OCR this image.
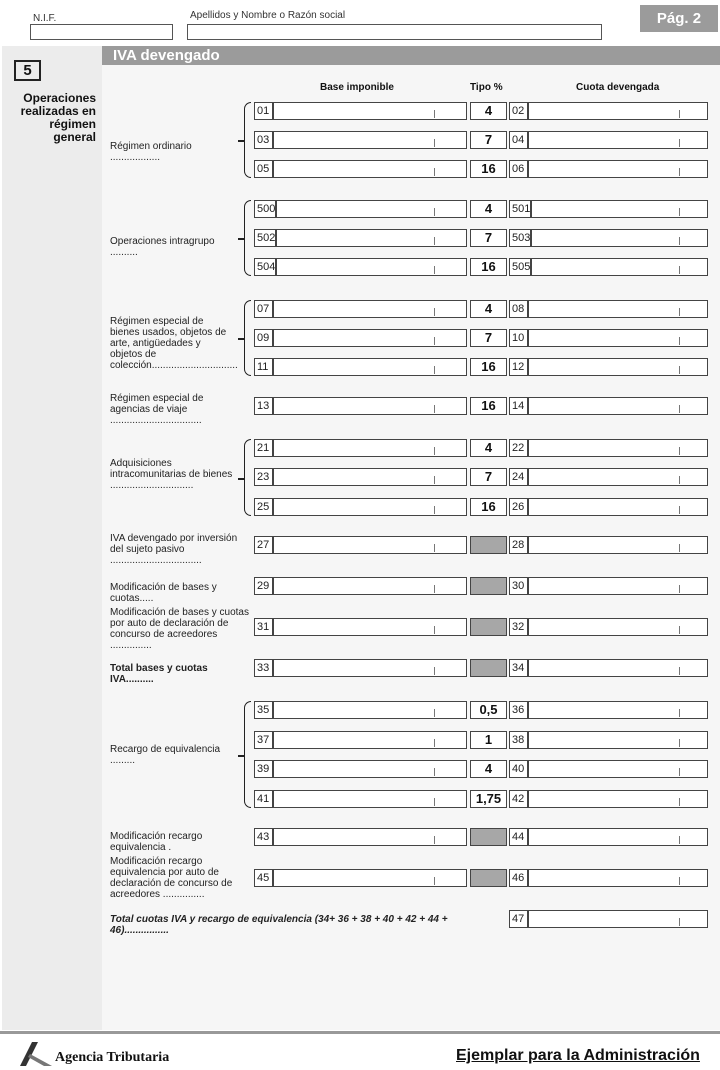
N.I.F.	Apellidos y Nombre o Razón social	Pág. 2
IVA devengado
5
Operaciones realizadas en régimen general
Base imponible	Tipo %	Cuota devengada
Régimen ordinario ..................
01	4	02
03	7	04
05	16	06
Operaciones intragrupo ..........
500	4	501
502	7	503
504	16	505
Régimen especial de bienes usados, objetos de arte, antigüedades y objetos de colección...............................
07	4	08
09	7	10
11	16	12
Régimen especial de agencias de viaje .................................
13	16	14
Adquisiciones intracomunitarias de bienes ..............................
21	4	22
23	7	24
25	16	26
IVA devengado por inversión del sujeto pasivo .................................
27	28
Modificación de bases y cuotas.....
29	30
Modificación de bases y cuotas por auto de declaración de concurso de acreedores ...............
31	32
Total bases y cuotas IVA..........
33	34
Recargo de equivalencia .........
35	0,5	36
37	1	38
39	4	40
41	1,75 42
Modificación recargo equivalencia .
43	44
Modificación recargo equivalencia por auto de declaración de concurso de acreedores ...............
45	46
Total cuotas IVA y recargo de equivalencia (34+ 36 + 38 + 40 + 42 + 44 + 46)................
47
Agencia Tributaria	Ejemplar para la Administración
